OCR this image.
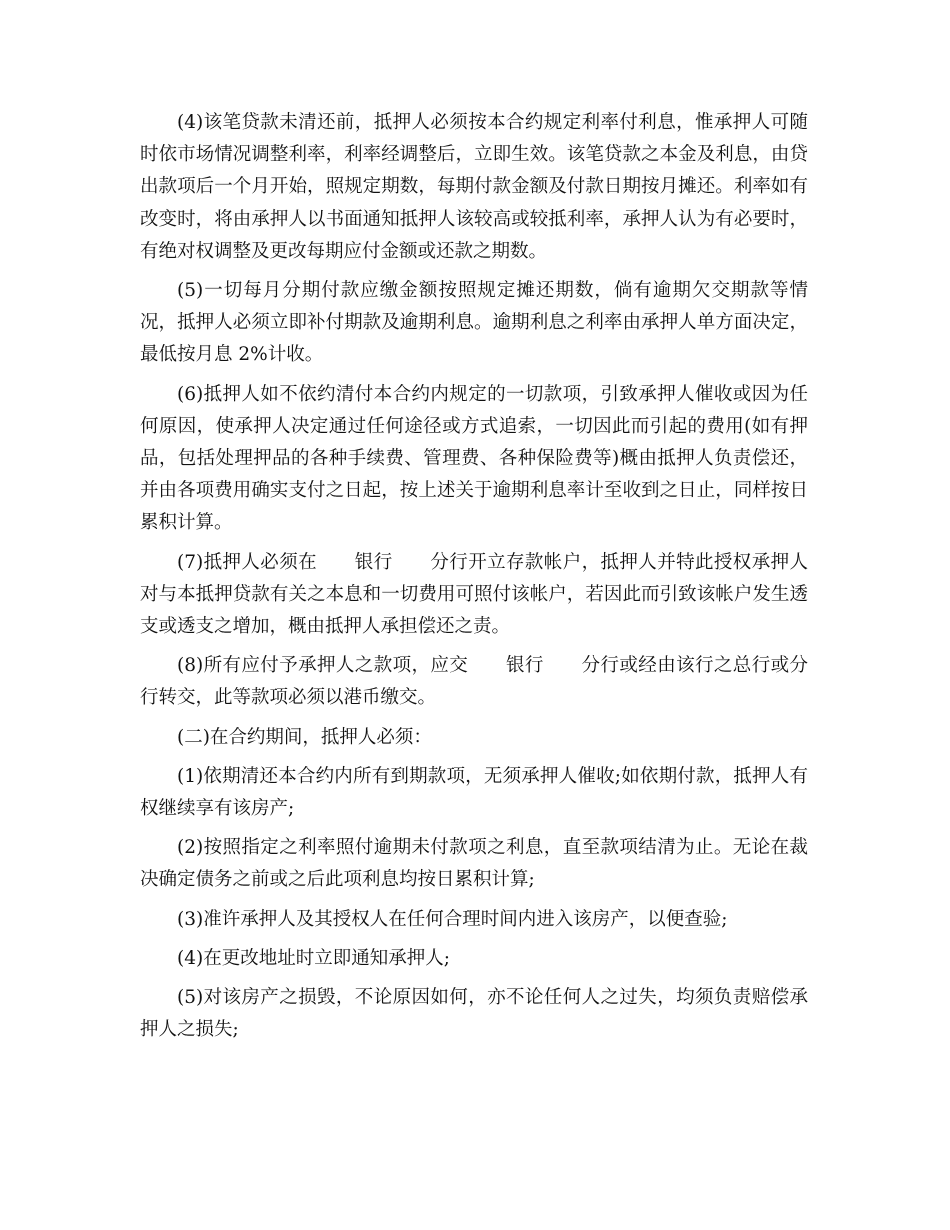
(4)该笔贷款未清还前，抵押人必须按本合约规定利率付利息，惟承押人可随时依市场情况调整利率，利率经调整后，立即生效。该笔贷款之本金及利息，由贷出款项后一个月开始，照规定期数，每期付款金额及付款日期按月摊还。利率如有改变时，将由承押人以书面通知抵押人该较高或较抵利率，承押人认为有必要时，有绝对权调整及更改每期应付金额或还款之期数。

(5)一切每月分期付款应缴金额按照规定摊还期数，倘有逾期欠交期款等情况，抵押人必须立即补付期款及逾期利息。逾期利息之利率由承押人单方面决定，最低按月息 2%计收。

(6)抵押人如不依约清付本合约内规定的一切款项，引致承押人催收或因为任何原因，使承押人决定通过任何途径或方式追索，一切因此而引起的费用(如有押品，包括处理押品的各种手续费、管理费、各种保险费等)概由抵押人负责偿还，并由各项费用确实支付之日起，按上述关于逾期利息率计至收到之日止，同样按日累积计算。

(7)抵押人必须在　　银行　　分行开立存款帐户，抵押人并特此授权承押人对与本抵押贷款有关之本息和一切费用可照付该帐户，若因此而引致该帐户发生透支或透支之增加，概由抵押人承担偿还之责。

(8)所有应付予承押人之款项，应交　　银行　　分行或经由该行之总行或分行转交，此等款项必须以港币缴交。

(二)在合约期间，抵押人必须：

(1)依期清还本合约内所有到期款项，无须承押人催收;如依期付款，抵押人有权继续享有该房产;

(2)按照指定之利率照付逾期未付款项之利息，直至款项结清为止。无论在裁决确定债务之前或之后此项利息均按日累积计算;

(3)准许承押人及其授权人在任何合理时间内进入该房产，以便查验;

(4)在更改地址时立即通知承押人;

(5)对该房产之损毁，不论原因如何，亦不论任何人之过失，均须负责赔偿承押人之损失;
